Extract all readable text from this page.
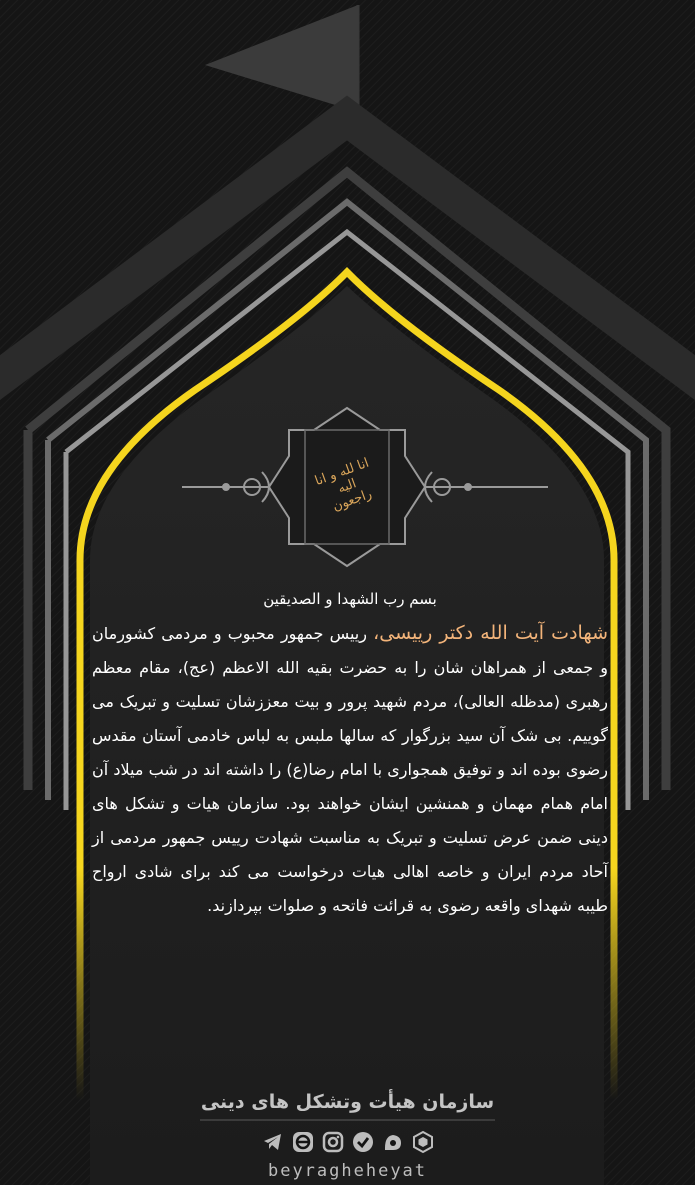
انا لله و انا الیه راجعون

بسم رب الشهدا و الصدیقین

شهادت آیت الله دکتر رییسی، رییس جمهور محبوب و مردمی کشورمان و جمعی از همراهان شان را به حضرت بقیه الله الاعظم (عج)، مقام معظم رهبری (مدظله العالی)، مردم شهید پرور و بیت معززشان تسلیت و تبریک می گوییم. بی شک آن سید بزرگوار که سالها ملبس به لباس خادمی آستان مقدس رضوی بوده اند و توفیق همجواری با امام رضا(ع) را داشته اند در شب میلاد آن امام همام مهمان و همنشین ایشان خواهند بود. سازمان هیات و تشکل های دینی ضمن عرض تسلیت و تبریک به مناسبت شهادت رییس جمهور مردمی از آحاد مردم ایران و خاصه اهالی هیات درخواست می کند برای شادی ارواح طیبه شهدای واقعه رضوی به قرائت فاتحه و صلوات بپردازند.

سازمان هیأت وتشکل های دینی
beyragheheyat
